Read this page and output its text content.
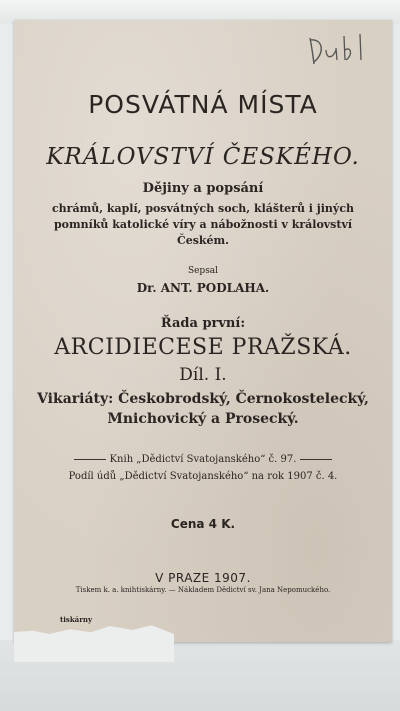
POSVÁTNÁ MÍSTA
KRÁLOVSTVÍ ČESKÉHO.
Dějiny a popsání
chrámů, kaplí, posvátných soch, klášterů i jiných
pomníků katolické víry a nábožnosti v království
Českém.
Sepsal
Dr. ANT. PODLAHA.
Řada první:
ARCIDIECESE PRAŽSKÁ.
Díl. I.
Vikariáty: Českobrodský, Černokostelecký,
Mnichovický a Prosecký.
Knih „Dědictví Svatojanského“ č. 97.
Podíl údů „Dědictví Svatojanského“ na rok 1907 č. 4.
Cena 4 K.
V PRAZE 1907.
Tiskem k. a. knihtiskárny. — Nákladem Dědictví sv. Jana Nepomuckého.
tiskárny
